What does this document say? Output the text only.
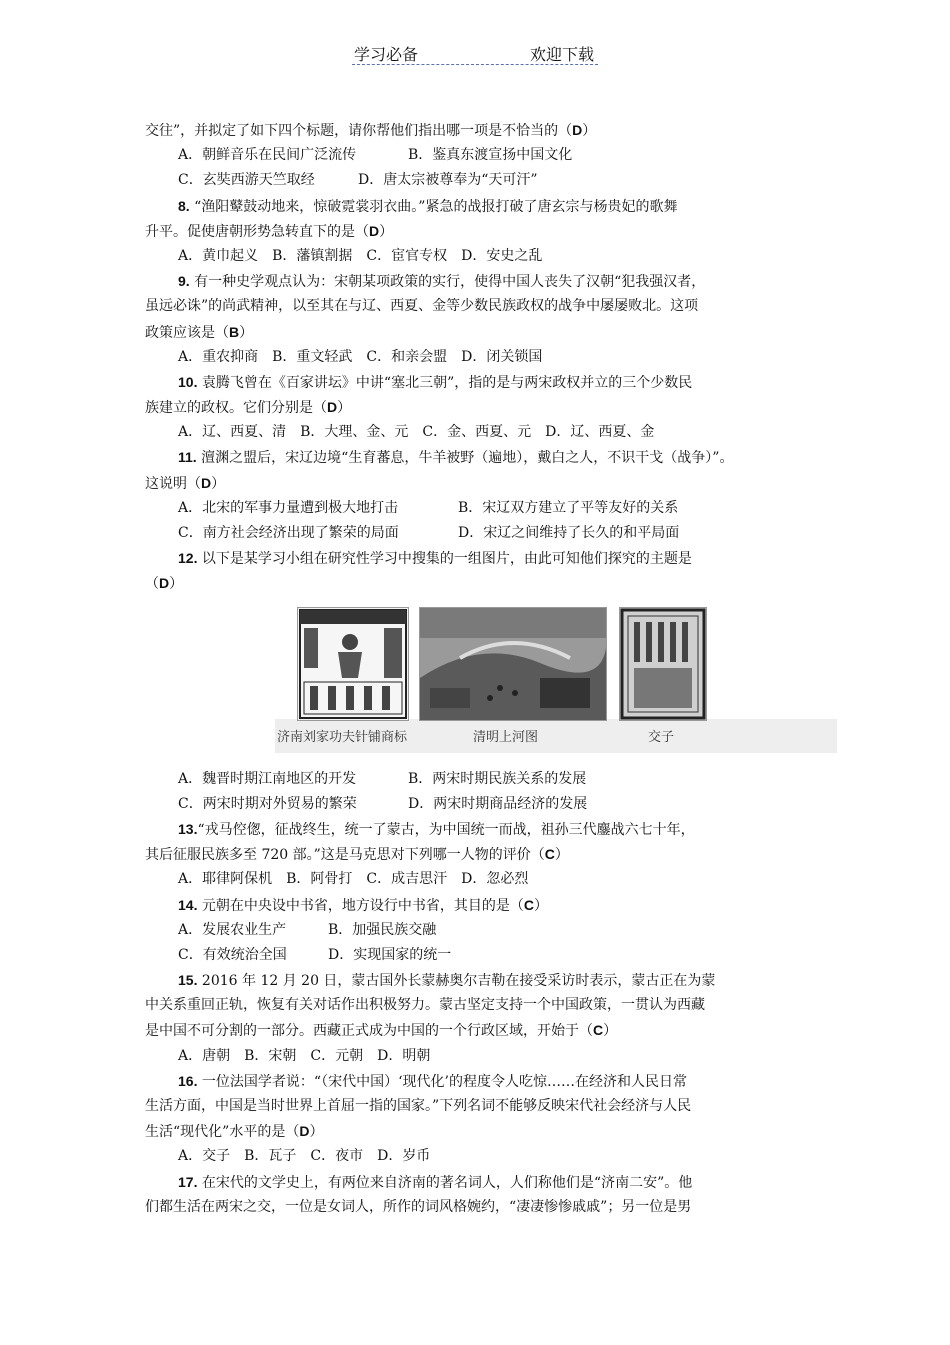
学习必备	欢迎下载
交往”，并拟定了如下四个标题，请你帮他们指出哪一项是不恰当的（D）
A．朝鲜音乐在民间广泛流传	B．鉴真东渡宣扬中国文化
C．玄奘西游天竺取经	D．唐太宗被尊奉为“天可汗”
8. “渔阳鼙鼓动地来，惊破霓裳羽衣曲。”紧急的战报打破了唐玄宗与杨贵妃的歌舞
升平。促使唐朝形势急转直下的是（D）
A．黄巾起义　B．藩镇割据　C．宦官专权　D．安史之乱
9. 有一种史学观点认为：宋朝某项政策的实行，使得中国人丧失了汉朝“犯我强汉者，
虽远必诛”的尚武精神，以至其在与辽、西夏、金等少数民族政权的战争中屡屡败北。这项
政策应该是（B）
A．重农抑商　B．重文轻武　C．和亲会盟　D．闭关锁国
10. 袁腾飞曾在《百家讲坛》中讲“塞北三朝”，指的是与两宋政权并立的三个少数民
族建立的政权。它们分别是（D）
A．辽、西夏、清　B．大理、金、元　C．金、西夏、元　D．辽、西夏、金
11. 澶渊之盟后，宋辽边境“生育蕃息，牛羊被野（遍地），戴白之人，不识干戈（战争）”。
这说明（D）
A．北宋的军事力量遭到极大地打击	B．宋辽双方建立了平等友好的关系
C．南方社会经济出现了繁荣的局面	D．宋辽之间维持了长久的和平局面
12. 以下是某学习小组在研究性学习中搜集的一组图片，由此可知他们探究的主题是
（D）
济南刘家功夫针铺商标	清明上河图	交子
A．魏晋时期江南地区的开发	B．两宋时期民族关系的发展
C．两宋时期对外贸易的繁荣	D．两宋时期商品经济的发展
13.“戎马倥偬，征战终生，统一了蒙古，为中国统一而战，祖孙三代鏖战六七十年，
其后征服民族多至 720 部。”这是马克思对下列哪一人物的评价（C）
A．耶律阿保机　B．阿骨打　C．成吉思汗　D．忽必烈
14. 元朝在中央设中书省，地方设行中书省，其目的是（C）
A．发展农业生产	B．加强民族交融
C．有效统治全国	D．实现国家的统一
15. 2016 年 12 月 20 日，蒙古国外长蒙赫奥尔吉勒在接受采访时表示，蒙古正在为蒙
中关系重回正轨，恢复有关对话作出积极努力。蒙古坚定支持一个中国政策，一贯认为西藏
是中国不可分割的一部分。西藏正式成为中国的一个行政区域，开始于（C）
A．唐朝　B．宋朝　C．元朝　D．明朝
16. 一位法国学者说：“（宋代中国）‘现代化’的程度令人吃惊……在经济和人民日常
生活方面，中国是当时世界上首屈一指的国家。”下列名词不能够反映宋代社会经济与人民
生活“现代化”水平的是（D）
A．交子　B．瓦子　C．夜市　D．岁币
17. 在宋代的文学史上，有两位来自济南的著名词人，人们称他们是“济南二安”。他
们都生活在两宋之交，一位是女词人，所作的词风格婉约，“凄凄惨惨戚戚”；另一位是男
